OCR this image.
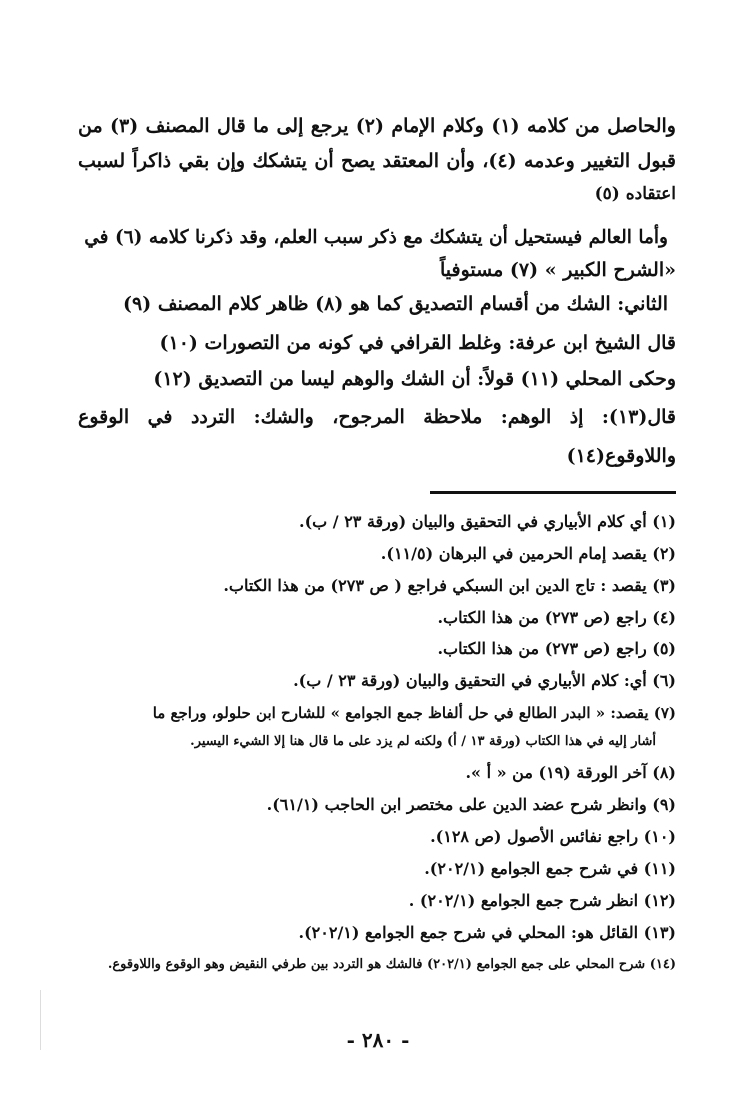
والحاصل من كلامه (١) وكلام الإمام (٢) يرجع إلى ما قال المصنف (٣) من
قبول التغيير وعدمه (٤)، وأن المعتقد يصح أن يتشكك وإن بقي ذاكراً لسبب
اعتقاده (٥)
وأما العالم فيستحيل أن يتشكك مع ذكر سبب العلم، وقد ذكرنا كلامه (٦) في
«الشرح الكبير » (٧) مستوفياً
الثاني: الشك من أقسام التصديق كما هو (٨) ظاهر كلام المصنف (٩)
قال الشيخ ابن عرفة: وغلط القرافي في كونه من التصورات (١٠)
وحكى المحلي (١١) قولاً: أن الشك والوهم ليسا من التصديق (١٢)
قال(١٣): إذ الوهم: ملاحظة المرجوح، والشك: التردد في الوقوع
واللاوقوع(١٤)
(١) أي كلام الأبياري في التحقيق والبيان (ورقة ٢٣ / ب).
(٢) يقصد إمام الحرمين في البرهان (١١/٥).
(٣) يقصد : تاج الدين ابن السبكي فراجع ( ص ٢٧٣) من هذا الكتاب.
(٤) راجع (ص ٢٧٣) من هذا الكتاب.
(٥) راجع (ص ٢٧٣) من هذا الكتاب.
(٦) أي: كلام الأبياري في التحقيق والبيان (ورقة ٢٣ / ب).
(٧) يقصد: « البدر الطالع في حل ألفاظ جمع الجوامع » للشارح ابن حلولو، وراجع ما
أشار إليه في هذا الكتاب (ورقة ١٣ / أ) ولكنه لم يزد على ما قال هنا إلا الشيء اليسير.
(٨) آخر الورقة (١٩) من « أ ».
(٩) وانظر شرح عضد الدين على مختصر ابن الحاجب (٦١/١).
(١٠) راجع نفائس الأصول (ص ١٢٨).
(١١) في شرح جمع الجوامع (٢٠٢/١).
(١٢) انظر شرح جمع الجوامع (٢٠٢/١) .
(١٣) القائل هو: المحلي في شرح جمع الجوامع (٢٠٢/١).
(١٤) شرح المحلي على جمع الجوامع (٢٠٢/١) فالشك هو التردد بين طرفي النقيض وهو الوقوع واللاوقوع.
- ٢٨٠ -
